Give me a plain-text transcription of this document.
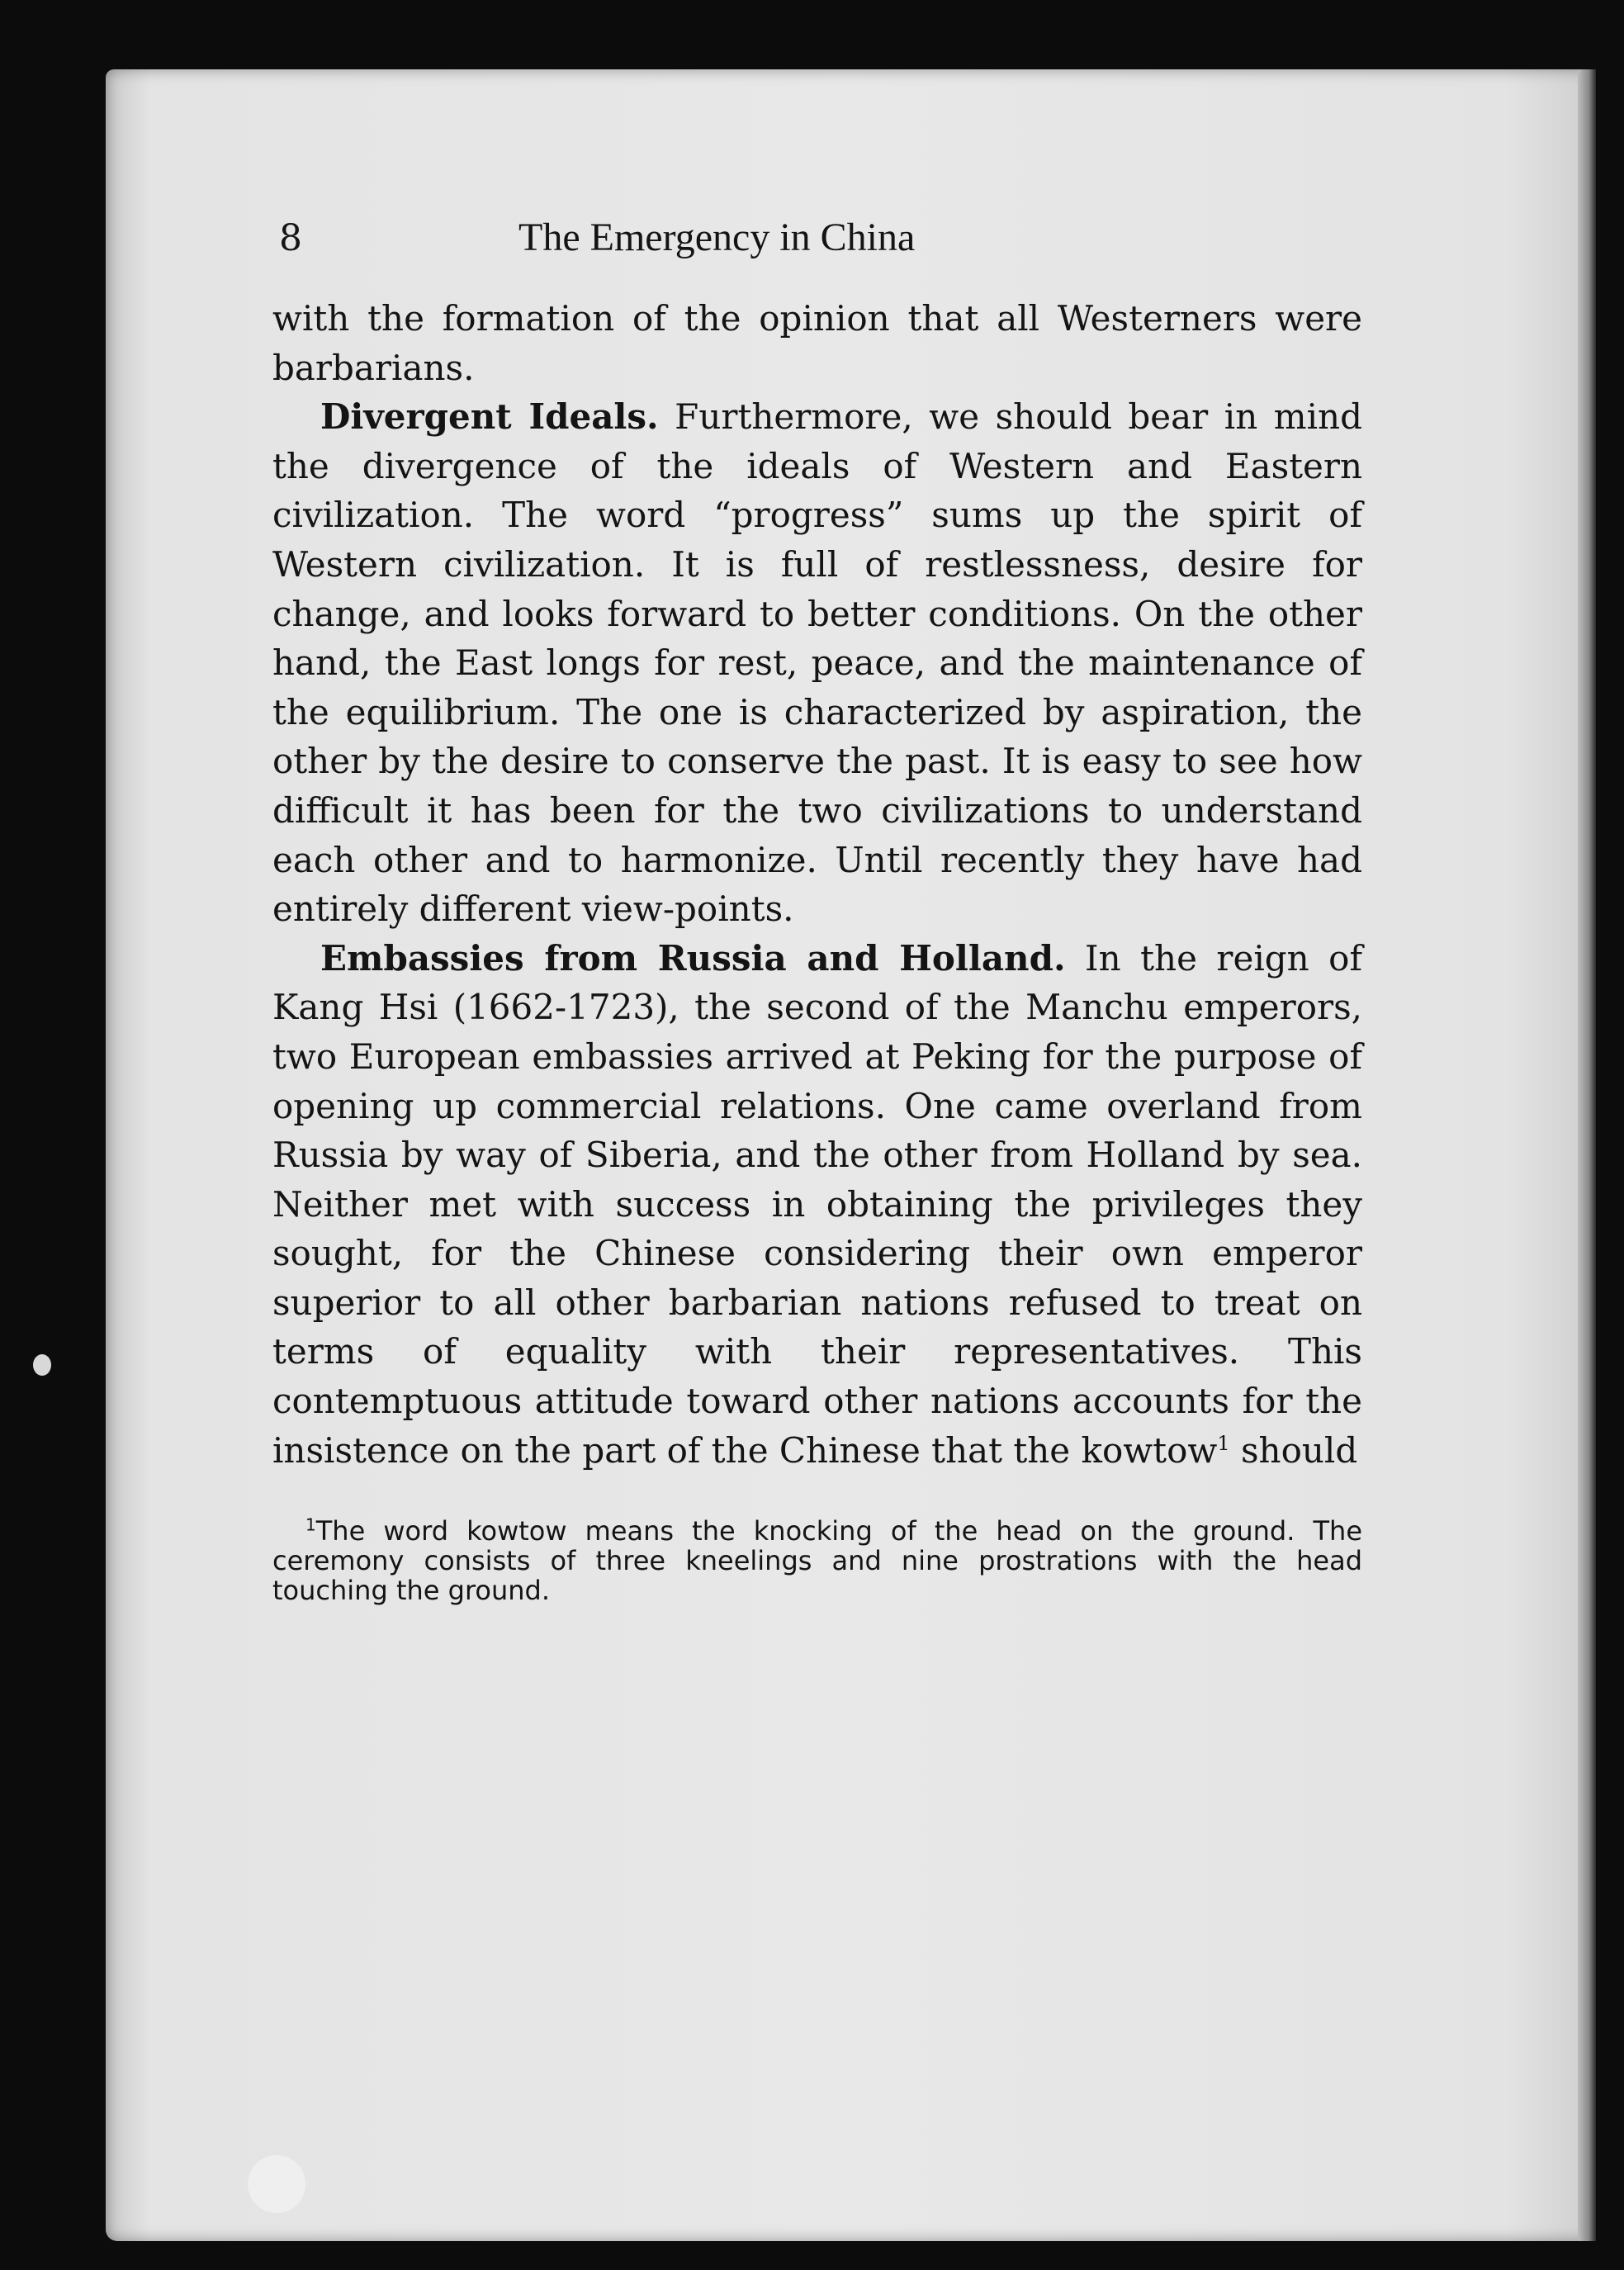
8	The Emergency in China

with the formation of the opinion that all Westerners were barbarians.

Divergent Ideals. Furthermore, we should bear in mind the divergence of the ideals of Western and Eastern civilization. The word “progress” sums up the spirit of Western civilization. It is full of restlessness, desire for change, and looks forward to better conditions. On the other hand, the East longs for rest, peace, and the maintenance of the equilibrium. The one is characterized by aspiration, the other by the desire to conserve the past. It is easy to see how difficult it has been for the two civilizations to understand each other and to harmonize. Until recently they have had entirely different view-points.

Embassies from Russia and Holland. In the reign of Kang Hsi (1662-1723), the second of the Manchu emperors, two European embassies arrived at Peking for the purpose of opening up commercial relations. One came overland from Russia by way of Siberia, and the other from Holland by sea. Neither met with success in obtaining the privileges they sought, for the Chinese considering their own emperor superior to all other barbarian nations refused to treat on terms of equality with their representatives. This contemptuous attitude toward other nations accounts for the insistence on the part of the Chinese that the kowtow$^1$ should

$^1$The word kowtow means the knocking of the head on the ground. The ceremony consists of three kneelings and nine prostrations with the head touching the ground.
